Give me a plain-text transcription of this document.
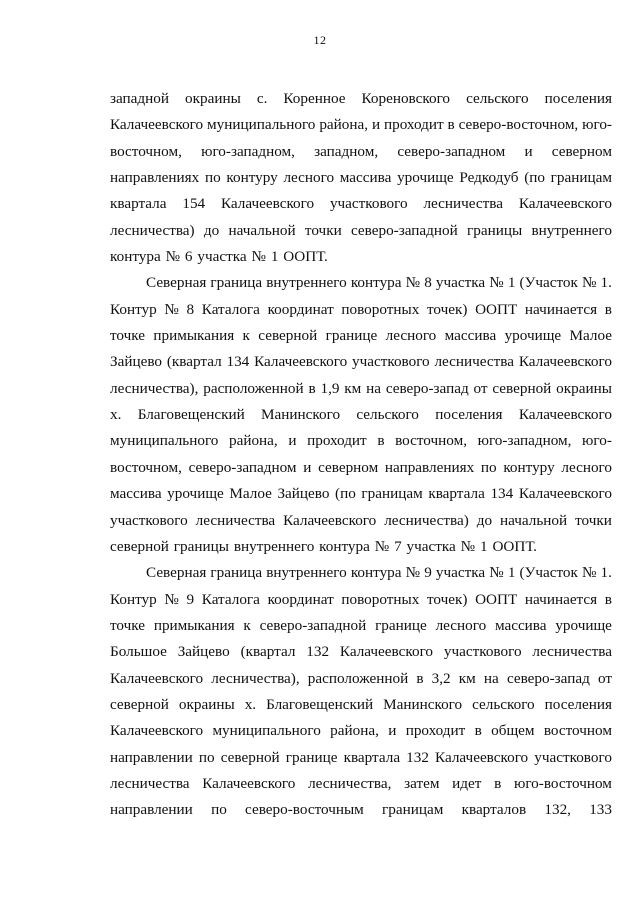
12
западной окраины с. Коренное Кореновского сельского поселения
Калачеевского муниципального района, и проходит в северо-восточном, юго-
восточном, юго-западном, западном, северо-западном и северном
направлениях по контуру лесного массива урочище Редкодуб (по границам
квартала 154 Калачеевского участкового лесничества Калачеевского
лесничества) до начальной точки северо-западной границы внутреннего
контура № 6 участка № 1 ООПТ.
Северная граница внутреннего контура № 8 участка № 1 (Участок № 1.
Контур № 8 Каталога координат поворотных точек) ООПТ начинается в
точке примыкания к северной границе лесного массива урочище Малое
Зайцево (квартал 134 Калачеевского участкового лесничества Калачеевского
лесничества), расположенной в 1,9 км на северо-запад от северной окраины
х. Благовещенский Манинского сельского поселения Калачеевского
муниципального района, и проходит в восточном, юго-западном, юго-
восточном, северо-западном и северном направлениях по контуру лесного
массива урочище Малое Зайцево (по границам квартала 134 Калачеевского
участкового лесничества Калачеевского лесничества) до начальной точки
северной границы внутреннего контура № 7 участка № 1 ООПТ.
Северная граница внутреннего контура № 9 участка № 1 (Участок № 1.
Контур № 9 Каталога координат поворотных точек) ООПТ начинается в
точке примыкания к северо-западной границе лесного массива урочище
Большое Зайцево (квартал 132 Калачеевского участкового лесничества
Калачеевского лесничества), расположенной в 3,2 км на северо-запад от
северной окраины х. Благовещенский Манинского сельского поселения
Калачеевского муниципального района, и проходит в общем восточном
направлении по северной границе квартала 132 Калачеевского участкового
лесничества Калачеевского лесничества, затем идет в юго-восточном
направлении по северо-восточным границам кварталов 132, 133
